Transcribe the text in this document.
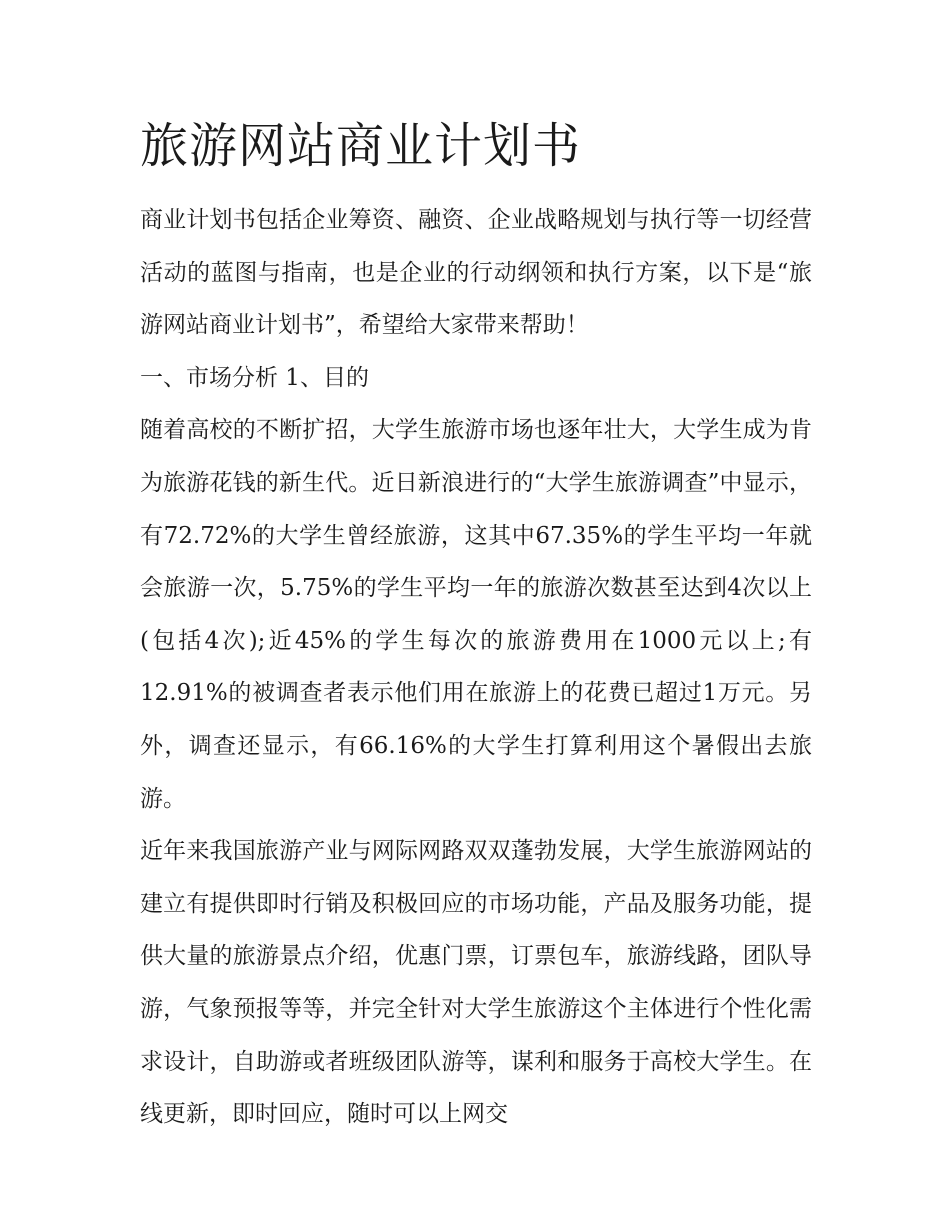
旅游网站商业计划书

商业计划书包括企业筹资、融资、企业战略规划与执行等一切经营活动的蓝图与指南，也是企业的行动纲领和执行方案，以下是“旅游网站商业计划书”，希望给大家带来帮助！

一、市场分析 1、目的

随着高校的不断扩招，大学生旅游市场也逐年壮大，大学生成为肯为旅游花钱的新生代。近日新浪进行的“大学生旅游调查”中显示，有72.72%的大学生曾经旅游，这其中67.35%的学生平均一年就会旅游一次，5.75%的学生平均一年的旅游次数甚至达到4次以上(包括4次);近45%的学生每次的旅游费用在1000元以上;有12.91%的被调查者表示他们用在旅游上的花费已超过1万元。另外，调查还显示，有66.16%的大学生打算利用这个暑假出去旅游。

近年来我国旅游产业与网际网路双双蓬勃发展，大学生旅游网站的建立有提供即时行销及积极回应的市场功能，产品及服务功能，提供大量的旅游景点介绍，优惠门票，订票包车，旅游线路，团队导游，气象预报等等，并完全针对大学生旅游这个主体进行个性化需求设计，自助游或者班级团队游等，谋利和服务于高校大学生。在线更新，即时回应，随时可以上网交
